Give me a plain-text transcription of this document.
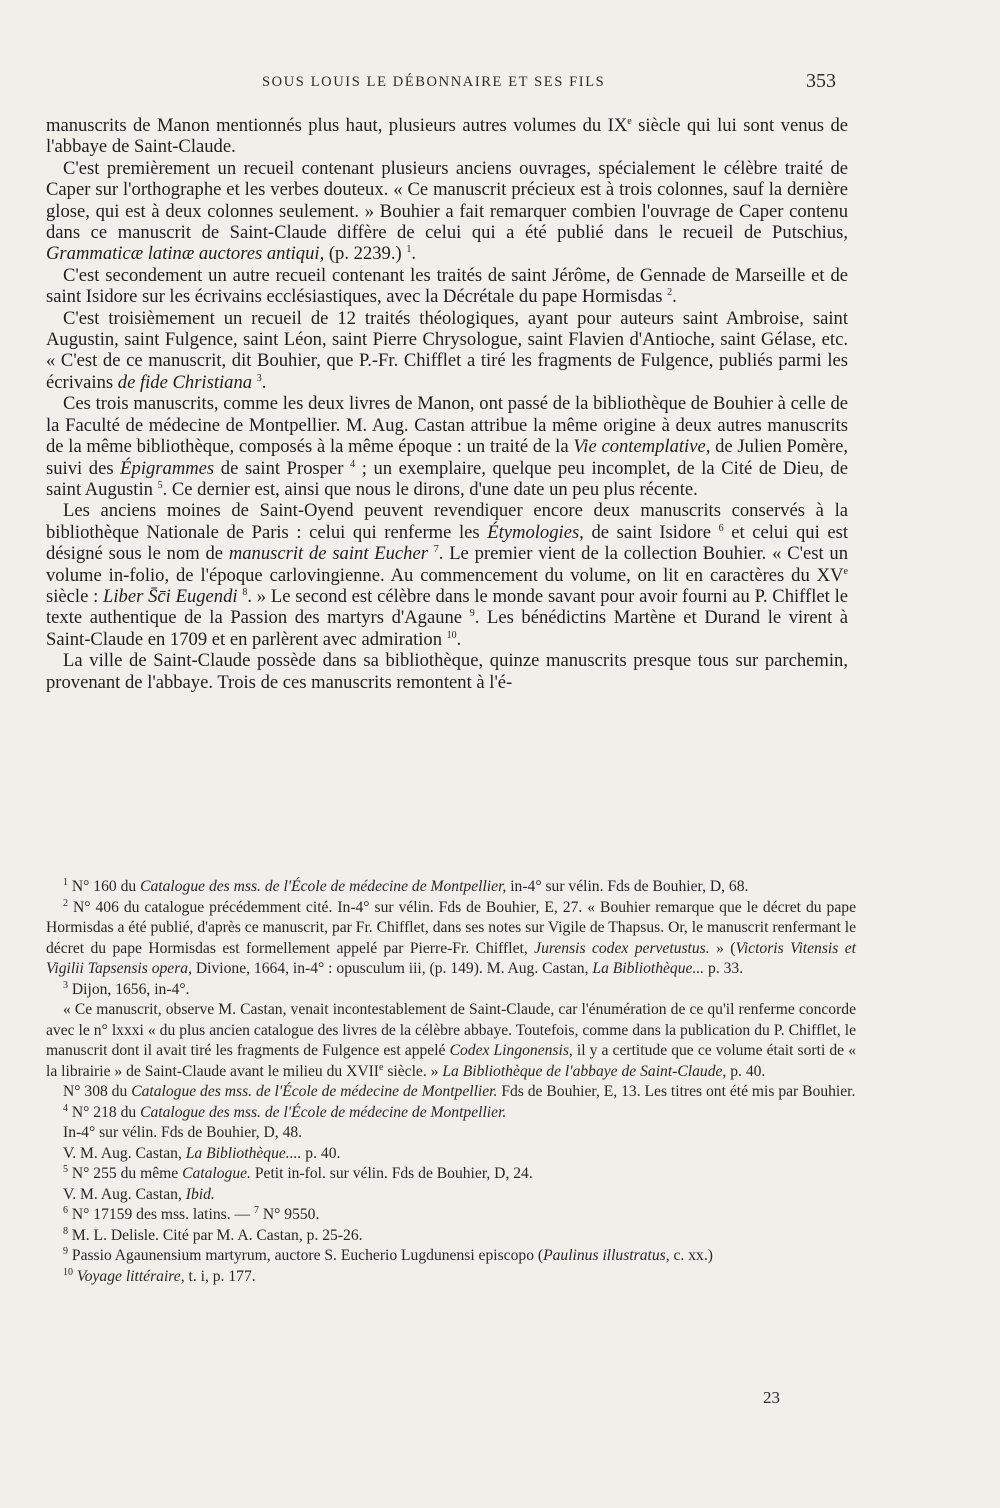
SOUS LOUIS LE DÉBONNAIRE ET SES FILS	353

manuscrits de Manon mentionnés plus haut, plusieurs autres volumes du IXe siècle qui lui sont venus de l'abbaye de Saint-Claude.

C'est premièrement un recueil contenant plusieurs anciens ouvrages, spécialement le célèbre traité de Caper sur l'orthographe et les verbes douteux. « Ce manuscrit précieux est à trois colonnes, sauf la dernière glose, qui est à deux colonnes seulement. » Bouhier a fait remarquer combien l'ouvrage de Caper contenu dans ce manuscrit de Saint-Claude diffère de celui qui a été publié dans le recueil de Putschius, Grammaticæ latinæ auctores antiqui, (p. 2239.) $^1$.

C'est secondement un autre recueil contenant les traités de saint Jérôme, de Gennade de Marseille et de saint Isidore sur les écrivains ecclésiastiques, avec la Décrétale du pape Hormisdas $^2$.

C'est troisièmement un recueil de 12 traités théologiques, ayant pour auteurs saint Ambroise, saint Augustin, saint Fulgence, saint Léon, saint Pierre Chrysologue, saint Flavien d'Antioche, saint Gélase, etc. « C'est de ce manuscrit, dit Bouhier, que P.-Fr. Chifflet a tiré les fragments de Fulgence, publiés parmi les écrivains de fide Christiana $^3$.

Ces trois manuscrits, comme les deux livres de Manon, ont passé de la bibliothèque de Bouhier à celle de la Faculté de médecine de Montpellier. M. Aug. Castan attribue la même origine à deux autres manuscrits de la même bibliothèque, composés à la même époque : un traité de la Vie contemplative, de Julien Pomère, suivi des Épigrammes de saint Prosper $^4$ ; un exemplaire, quelque peu incomplet, de la Cité de Dieu, de saint Augustin $^5$. Ce dernier est, ainsi que nous le dirons, d'une date un peu plus récente.

Les anciens moines de Saint-Oyend peuvent revendiquer encore deux manuscrits conservés à la bibliothèque Nationale de Paris : celui qui renferme les Étymologies, de saint Isidore $^6$ et celui qui est désigné sous le nom de manuscrit de saint Eucher $^7$. Le premier vient de la collection Bouhier. « C'est un volume in-folio, de l'époque carlovingienne. Au commencement du volume, on lit en caractères du XVe siècle : Liber S̄c̄i Eugendi $^8$. » Le second est célèbre dans le monde savant pour avoir fourni au P. Chifflet le texte authentique de la Passion des martyrs d'Agaune $^9$. Les bénédictins Martène et Durand le virent à Saint-Claude en 1709 et en parlèrent avec admiration $^{10}$.

La ville de Saint-Claude possède dans sa bibliothèque, quinze manuscrits presque tous sur parchemin, provenant de l'abbaye. Trois de ces manuscrits remontent à l'é-

$^1$ N° 160 du Catalogue des mss. de l'École de médecine de Montpellier, in-4° sur vélin. Fds de Bouhier, D, 68.

$^2$ N° 406 du catalogue précédemment cité. In-4° sur vélin. Fds de Bouhier, E, 27. « Bouhier remarque que le décret du pape Hormisdas a été publié, d'après ce manuscrit, par Fr. Chifflet, dans ses notes sur Vigile de Thapsus. Or, le manuscrit renfermant le décret du pape Hormisdas est formellement appelé par Pierre-Fr. Chifflet, Jurensis codex pervetustus. » (Victoris Vitensis et Vigilii Tapsensis opera, Divione, 1664, in-4° : opusculum iii, (p. 149). M. Aug. Castan, La Bibliothèque... p. 33.

$^3$ Dijon, 1656, in-4°.

« Ce manuscrit, observe M. Castan, venait incontestablement de Saint-Claude, car l'énumération de ce qu'il renferme concorde avec le n° lxxxi « du plus ancien catalogue des livres de la célèbre abbaye. Toutefois, comme dans la publication du P. Chifflet, le manuscrit dont il avait tiré les fragments de Fulgence est appelé Codex Lingonensis, il y a certitude que ce volume était sorti de « la librairie » de Saint-Claude avant le milieu du XVIIe siècle. » La Bibliothèque de l'abbaye de Saint-Claude, p. 40.

N° 308 du Catalogue des mss. de l'École de médecine de Montpellier. Fds de Bouhier, E, 13. Les titres ont été mis par Bouhier.

$^4$ N° 218 du Catalogue des mss. de l'École de médecine de Montpellier.

In-4° sur vélin. Fds de Bouhier, D, 48.

V. M. Aug. Castan, La Bibliothèque.... p. 40.

$^5$ N° 255 du même Catalogue. Petit in-fol. sur vélin. Fds de Bouhier, D, 24.

V. M. Aug. Castan, Ibid.

$^6$ N° 17159 des mss. latins. — $^7$ N° 9550.

$^8$ M. L. Delisle. Cité par M. A. Castan, p. 25-26.

$^9$ Passio Agaunensium martyrum, auctore S. Eucherio Lugdunensi episcopo (Paulinus illustratus, c. xx.)

$^{10}$ Voyage littéraire, t. i, p. 177.

23
